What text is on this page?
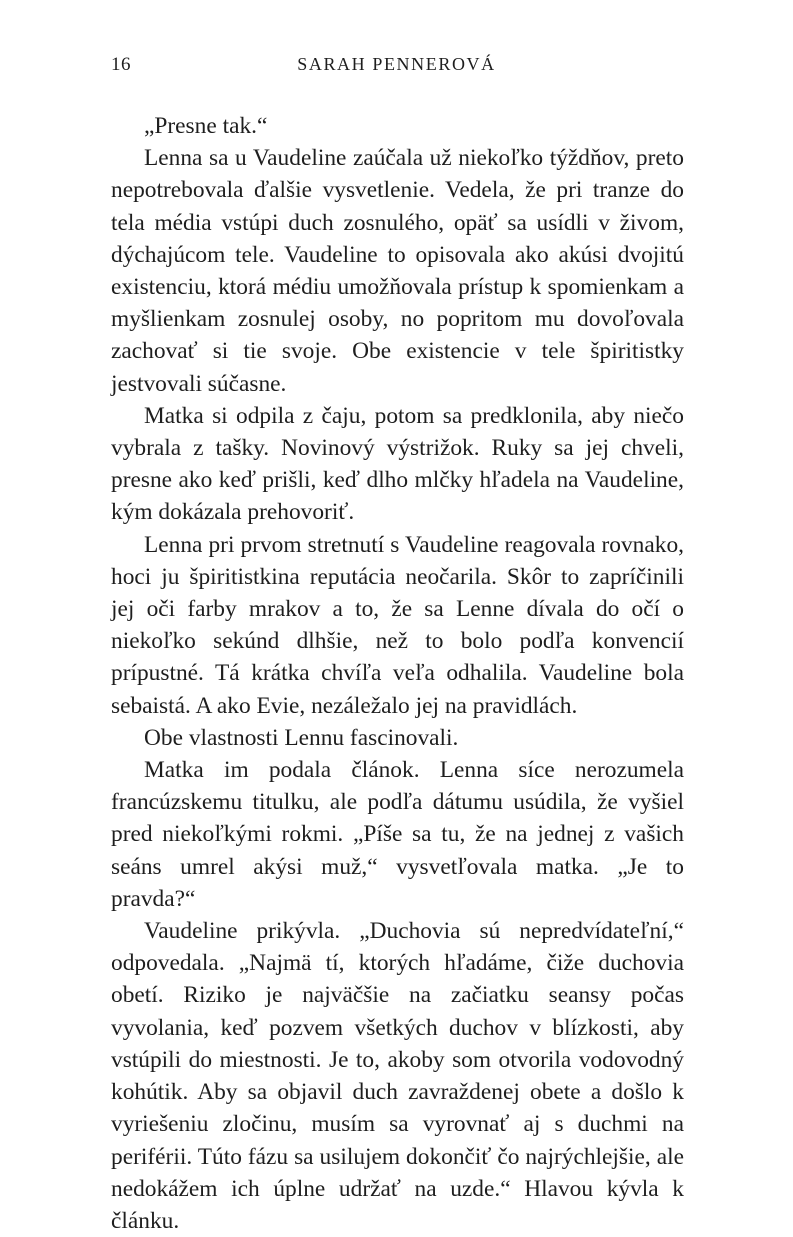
16	SARAH PENNEROVÁ

„Presne tak.“

Lenna sa u Vaudeline zaúčala už niekoľko týždňov, preto nepotrebovala ďalšie vysvetlenie. Vedela, že pri tranze do tela média vstúpi duch zosnulého, opäť sa usídli v živom, dýchajúcom tele. Vaudeline to opisovala ako akúsi dvojitú existenciu, ktorá médiu umožňovala prístup k spomienkam a myšlienkam zosnulej osoby, no popritom mu dovoľovala zachovať si tie svoje. Obe existencie v tele špiritistky jestvovali súčasne.

Matka si odpila z čaju, potom sa predklonila, aby niečo vybrala z tašky. Novinový výstrižok. Ruky sa jej chveli, presne ako keď prišli, keď dlho mlčky hľadela na Vaudeline, kým dokázala prehovoriť.

Lenna pri prvom stretnutí s Vaudeline reagovala rovnako, hoci ju špiritistkina reputácia neočarila. Skôr to zapríčinili jej oči farby mrakov a to, že sa Lenne dívala do očí o niekoľko sekúnd dlhšie, než to bolo podľa konvencií prípustné. Tá krátka chvíľa veľa odhalila. Vaudeline bola sebaistá. A ako Evie, nezáležalo jej na pravidlách.

Obe vlastnosti Lennu fascinovali.

Matka im podala článok. Lenna síce nerozumela francúzskemu titulku, ale podľa dátumu usúdila, že vyšiel pred niekoľkými rokmi. „Píše sa tu, že na jednej z vašich seáns umrel akýsi muž,“ vysvetľovala matka. „Je to pravda?“

Vaudeline prikývla. „Duchovia sú nepredvídateľní,“ odpovedala. „Najmä tí, ktorých hľadáme, čiže duchovia obetí. Riziko je najväčšie na začiatku seansy počas vyvolania, keď pozvem všetkých duchov v blízkosti, aby vstúpili do miestnosti. Je to, akoby som otvorila vodovodný kohútik. Aby sa objavil duch zavraždenej obete a došlo k vyriešeniu zločinu, musím sa vyrovnať aj s duchmi na periférii. Túto fázu sa usilujem dokončiť čo najrýchlejšie, ale nedokážem ich úplne udržať na uzde.“ Hlavou kývla k článku.
